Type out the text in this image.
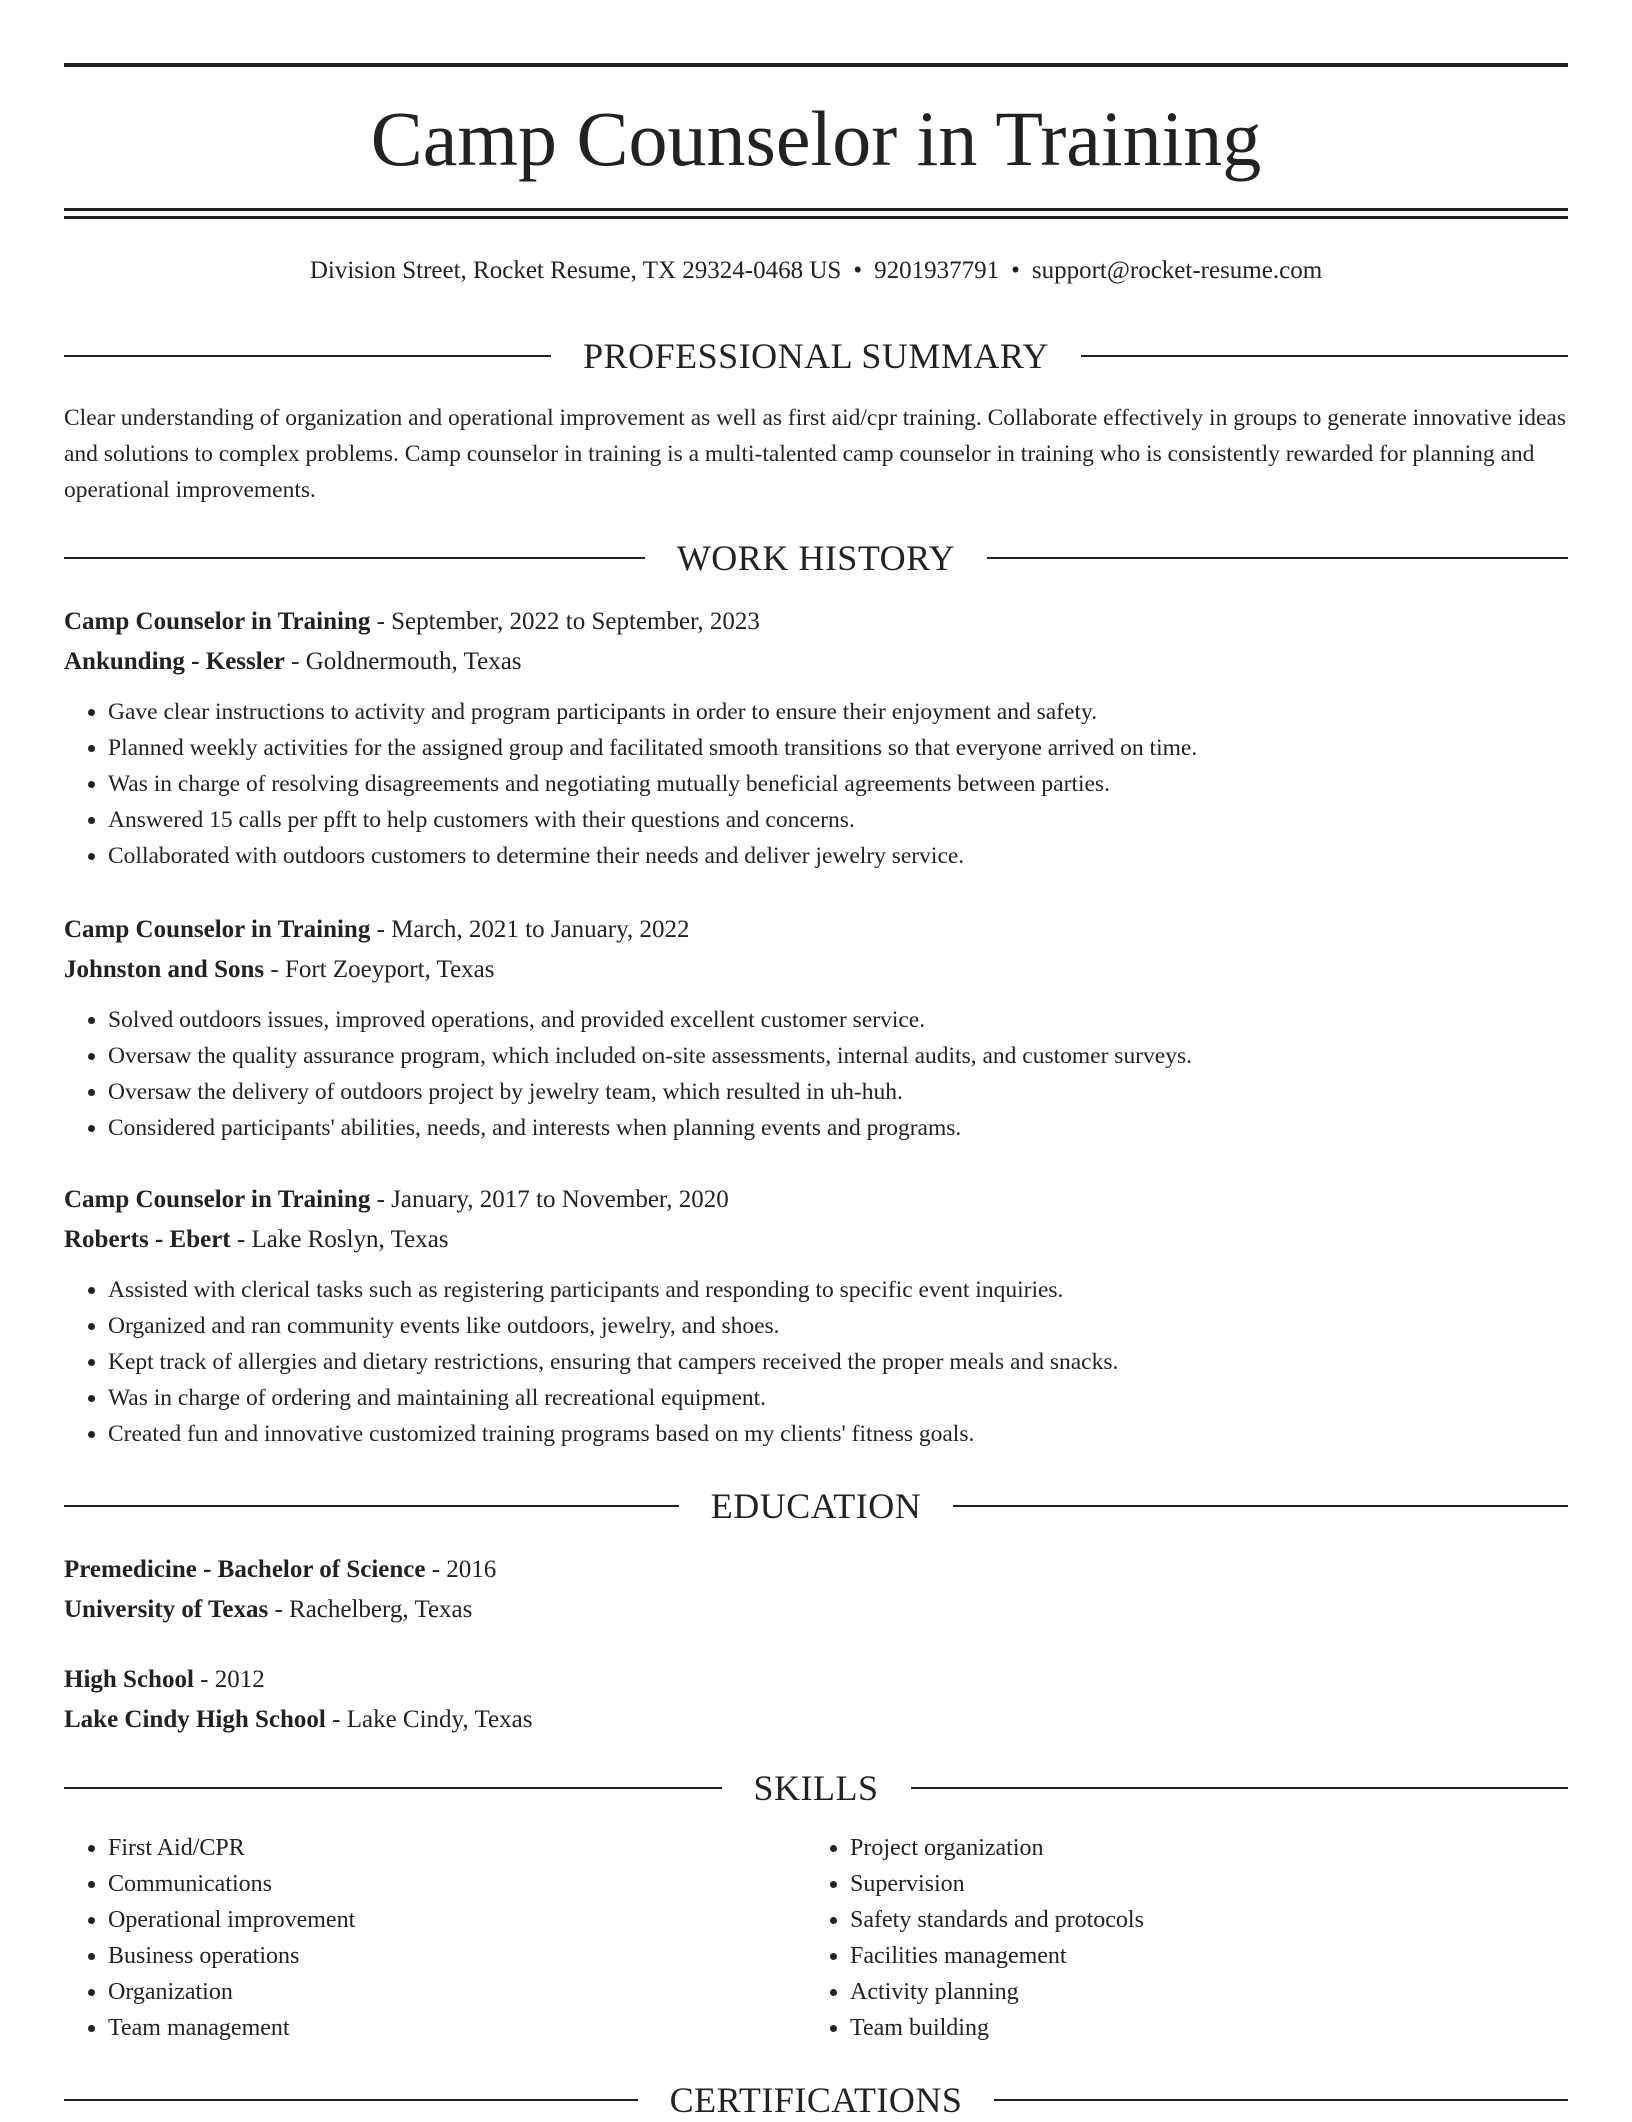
Camp Counselor in Training
Division Street, Rocket Resume, TX 29324-0468 US • 9201937791 • support@rocket-resume.com
PROFESSIONAL SUMMARY

Clear understanding of organization and operational improvement as well as first aid/cpr training. Collaborate effectively in groups to generate innovative ideas and solutions to complex problems. Camp counselor in training is a multi-talented camp counselor in training who is consistently rewarded for planning and operational improvements.

WORK HISTORY

Camp Counselor in Training - September, 2022 to September, 2023

Ankunding - Kessler - Goldnermouth, Texas

• Gave clear instructions to activity and program participants in order to ensure their enjoyment and safety.
• Planned weekly activities for the assigned group and facilitated smooth transitions so that everyone arrived on time.
• Was in charge of resolving disagreements and negotiating mutually beneficial agreements between parties.
• Answered 15 calls per pfft to help customers with their questions and concerns.
• Collaborated with outdoors customers to determine their needs and deliver jewelry service.

Camp Counselor in Training - March, 2021 to January, 2022

Johnston and Sons - Fort Zoeyport, Texas

• Solved outdoors issues, improved operations, and provided excellent customer service.
• Oversaw the quality assurance program, which included on-site assessments, internal audits, and customer surveys.
• Oversaw the delivery of outdoors project by jewelry team, which resulted in uh-huh.
• Considered participants' abilities, needs, and interests when planning events and programs.

Camp Counselor in Training - January, 2017 to November, 2020

Roberts - Ebert - Lake Roslyn, Texas

• Assisted with clerical tasks such as registering participants and responding to specific event inquiries.
• Organized and ran community events like outdoors, jewelry, and shoes.
• Kept track of allergies and dietary restrictions, ensuring that campers received the proper meals and snacks.
• Was in charge of ordering and maintaining all recreational equipment.
• Created fun and innovative customized training programs based on my clients' fitness goals.
EDUCATION

Premedicine - Bachelor of Science - 2016

University of Texas - Rachelberg, Texas

High School - 2012

Lake Cindy High School - Lake Cindy, Texas

SKILLS
• First Aid/CPR
• Communications
• Operational improvement
• Business operations
• Organization
• Team management
• Project organization
• Supervision
• Safety standards and protocols
• Facilities management
• Activity planning
• Team building
CERTIFICATIONS
